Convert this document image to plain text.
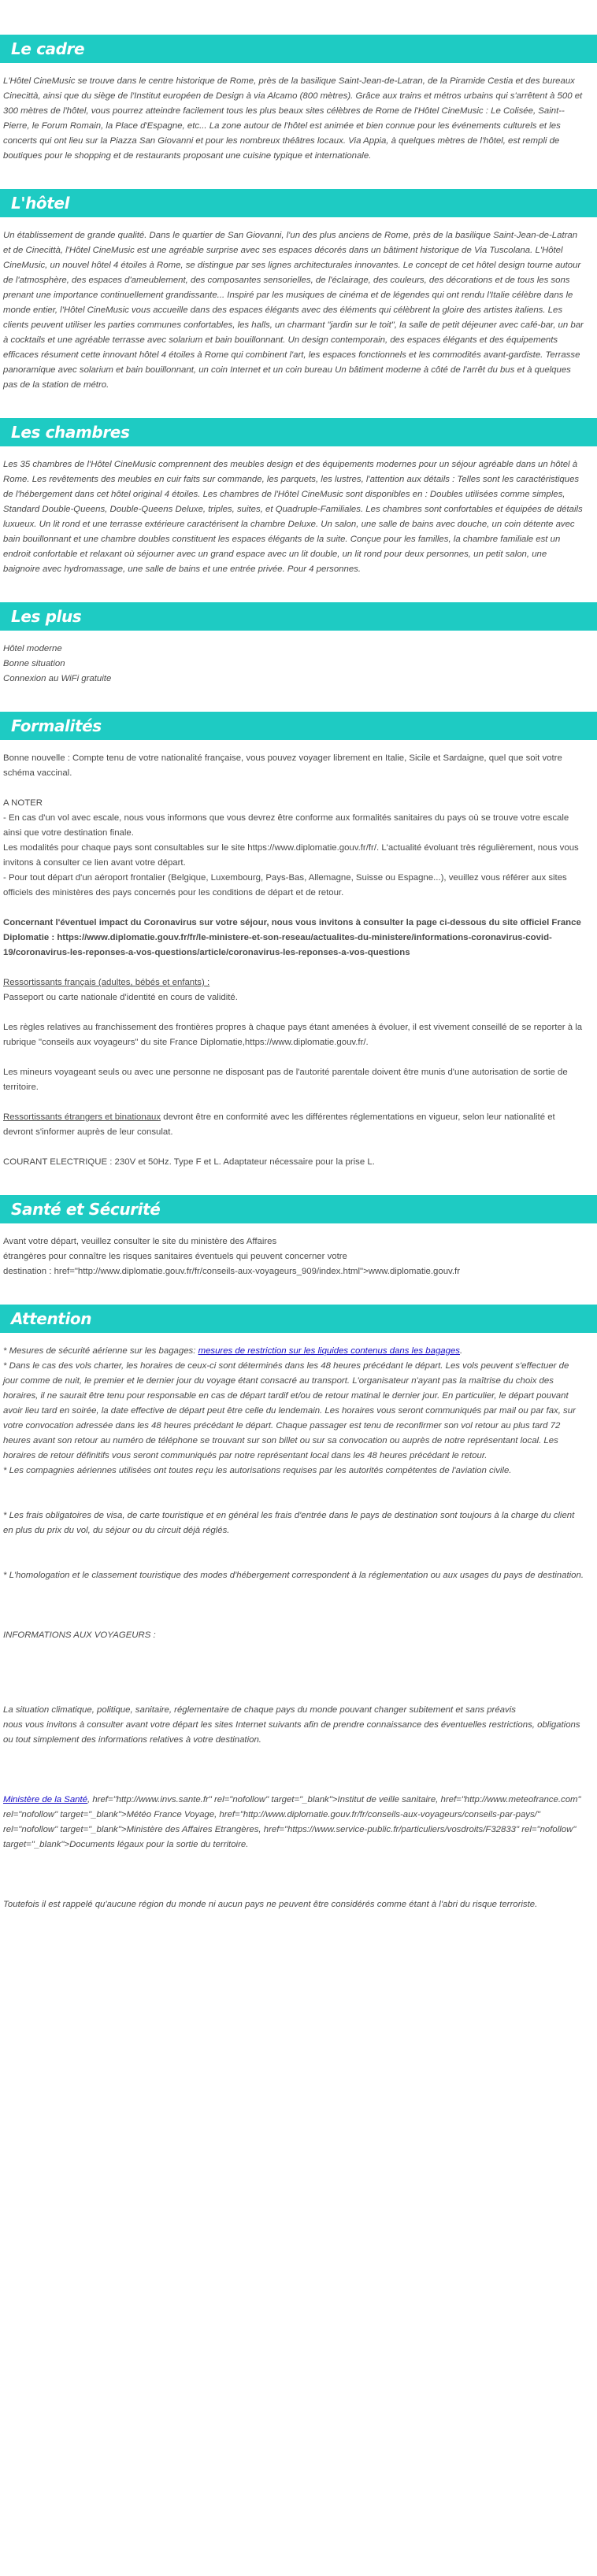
Le cadre

L'Hôtel CineMusic se trouve dans le centre historique de Rome, près de la basilique Saint-Jean-de-Latran, de la Piramide Cestia et des bureaux Cinecittà, ainsi que du siège de l'Institut européen de Design à via Alcamo (800 mètres). Grâce aux trains et métros urbains qui s'arrêtent à 500 et 300 mètres de l'hôtel, vous pourrez atteindre facilement tous les plus beaux sites célèbres de Rome de l'Hôtel CineMusic : Le Colisée, Saint--Pierre, le Forum Romain, la Place d'Espagne, etc... La zone autour de l'hôtel est animée et bien connue pour les événements culturels et les concerts qui ont lieu sur la Piazza San Giovanni et pour les nombreux théâtres locaux. Via Appia, à quelques mètres de l'hôtel, est rempli de boutiques pour le shopping et de restaurants proposant une cuisine typique et internationale.

L'hôtel

Un établissement de grande qualité. Dans le quartier de San Giovanni, l'un des plus anciens de Rome, près de la basilique Saint-Jean-de-Latran et de Cinecittà, l'Hôtel CineMusic est une agréable surprise avec ses espaces décorés dans un bâtiment historique de Via Tuscolana. L'Hôtel CineMusic, un nouvel hôtel 4 étoiles à Rome, se distingue par ses lignes architecturales innovantes. Le concept de cet hôtel design tourne autour de l'atmosphère, des espaces d'ameublement, des composantes sensorielles, de l'éclairage, des couleurs, des décorations et de tous les sons prenant une importance continuellement grandissante... Inspiré par les musiques de cinéma et de légendes qui ont rendu l'Italie célèbre dans le monde entier, l'Hôtel CineMusic vous accueille dans des espaces élégants avec des éléments qui célèbrent la gloire des artistes italiens. Les clients peuvent utiliser les parties communes confortables, les halls, un charmant "jardin sur le toit", la salle de petit déjeuner avec café-bar, un bar à cocktails et une agréable terrasse avec solarium et bain bouillonnant. Un design contemporain, des espaces élégants et des équipements efficaces résument cette innovant hôtel 4 étoiles à Rome qui combinent l'art, les espaces fonctionnels et les commodités avant-gardiste. Terrasse panoramique avec solarium et bain bouillonnant, un coin Internet et un coin bureau Un bâtiment moderne à côté de l'arrêt du bus et à quelques pas de la station de métro.

Les chambres

Les 35 chambres de l'Hôtel CineMusic comprennent des meubles design et des équipements modernes pour un séjour agréable dans un hôtel à Rome. Les revêtements des meubles en cuir faits sur commande, les parquets, les lustres, l'attention aux détails : Telles sont les caractéristiques de l'hébergement dans cet hôtel original 4 étoiles. Les chambres de l'Hôtel CineMusic sont disponibles en : Doubles utilisées comme simples, Standard Double-Queens, Double-Queens Deluxe, triples, suites, et Quadruple-Familiales. Les chambres sont confortables et équipées de détails luxueux. Un lit rond et une terrasse extérieure caractérisent la chambre Deluxe. Un salon, une salle de bains avec douche, un coin détente avec bain bouillonnant et une chambre doubles constituent les espaces élégants de la suite. Conçue pour les familles, la chambre familiale est un endroit confortable et relaxant où séjourner avec un grand espace avec un lit double, un lit rond pour deux personnes, un petit salon, une baignoire avec hydromassage, une salle de bains et une entrée privée. Pour 4 personnes.

Les plus

Hôtel moderne
Bonne situation
Connexion au WiFi gratuite

Formalités

Bonne nouvelle : Compte tenu de votre nationalité française, vous pouvez voyager librement en Italie, Sicile et Sardaigne, quel que soit votre schéma vaccinal.

A NOTER

- En cas d'un vol avec escale, nous vous informons que vous devrez être conforme aux formalités sanitaires du pays où se trouve votre escale ainsi que votre destination finale.

Les modalités pour chaque pays sont consultables sur le site https://www.diplomatie.gouv.fr/fr/. L'actualité évoluant très régulièrement, nous vous invitons à consulter ce lien avant votre départ.

- Pour tout départ d'un aéroport frontalier (Belgique, Luxembourg, Pays-Bas, Allemagne, Suisse ou Espagne...), veuillez vous référer aux sites officiels des ministères des pays concernés pour les conditions de départ et de retour.

Concernant l'éventuel impact du Coronavirus sur votre séjour, nous vous invitons à consulter la page ci-dessous du site officiel France Diplomatie : https://www.diplomatie.gouv.fr/fr/le-ministere-et-son-reseau/actualites-du-ministere/informations-coronavirus-covid-19/coronavirus-les-reponses-a-vos-questions/article/coronavirus-les-reponses-a-vos-questions

Ressortissants français (adultes, bébés et enfants) :

Passeport ou carte nationale d'identité en cours de validité.

Les règles relatives au franchissement des frontières propres à chaque pays étant amenées à évoluer, il est vivement conseillé de se reporter à la rubrique "conseils aux voyageurs" du site France Diplomatie,https://www.diplomatie.gouv.fr/.

Les mineurs voyageant seuls ou avec une personne ne disposant pas de l'autorité parentale doivent être munis d'une autorisation de sortie de territoire.

Ressortissants étrangers et binationaux devront être en conformité avec les différentes réglementations en vigueur, selon leur nationalité et devront s'informer auprès de leur consulat.

COURANT ELECTRIQUE : 230V et 50Hz. Type F et L. Adaptateur nécessaire pour la prise L.

Santé et Sécurité

Avant votre départ, veuillez consulter le site du ministère des Affaires

étrangères pour connaître les risques sanitaires éventuels qui peuvent concerner votre

destination : href="http://www.diplomatie.gouv.fr/fr/conseils-aux-voyageurs_909/index.html">www.diplomatie.gouv.fr

Attention

* Mesures de sécurité aérienne sur les bagages: mesures de restriction sur les liquides contenus dans les bagages.

* Dans le cas des vols charter, les horaires de ceux-ci sont déterminés dans les 48 heures précédant le départ. Les vols peuvent s'effectuer de jour comme de nuit, le premier et le dernier jour du voyage étant consacré au transport. L'organisateur n'ayant pas la maîtrise du choix des horaires, il ne saurait être tenu pour responsable en cas de départ tardif et/ou de retour matinal le dernier jour. En particulier, le départ pouvant avoir lieu tard en soirée, la date effective de départ peut être celle du lendemain. Les horaires vous seront communiqués par mail ou par fax, sur votre convocation adressée dans les 48 heures précédant le départ. Chaque passager est tenu de reconfirmer son vol retour au plus tard 72 heures avant son retour au numéro de téléphone se trouvant sur son billet ou sur sa convocation ou auprès de notre représentant local. Les horaires de retour définitifs vous seront communiqués par notre représentant local dans les 48 heures précédant le retour.

* Les compagnies aériennes utilisées ont toutes reçu les autorisations requises par les autorités compétentes de l'aviation civile.

* Les frais obligatoires de visa, de carte touristique et en général les frais d'entrée dans le pays de destination sont toujours à la charge du client en plus du prix du vol, du séjour ou du circuit déjà réglés.

* L'homologation et le classement touristique des modes d'hébergement correspondent à la réglementation ou aux usages du pays de destination.

INFORMATIONS AUX VOYAGEURS :

La situation climatique, politique, sanitaire, réglementaire de chaque pays du monde pouvant changer subitement et sans préavis

nous vous invitons à consulter avant votre départ les sites Internet suivants afin de prendre connaissance des éventuelles restrictions, obligations ou tout simplement des informations relatives à votre destination.

Ministère de la Santé, href="http://www.invs.sante.fr" rel="nofollow" target="_blank">Institut de veille sanitaire, href="http://www.meteofrance.com" rel="nofollow" target="_blank">Météo France Voyage, href="http://www.diplomatie.gouv.fr/fr/conseils-aux-voyageurs/conseils-par-pays/" rel="nofollow" target="_blank">Ministère des Affaires Etrangères, href="https://www.service-public.fr/particuliers/vosdroits/F32833" rel="nofollow" target="_blank">Documents légaux pour la sortie du territoire.

Toutefois il est rappelé qu'aucune région du monde ni aucun pays ne peuvent être considérés comme étant à l'abri du risque terroriste.
